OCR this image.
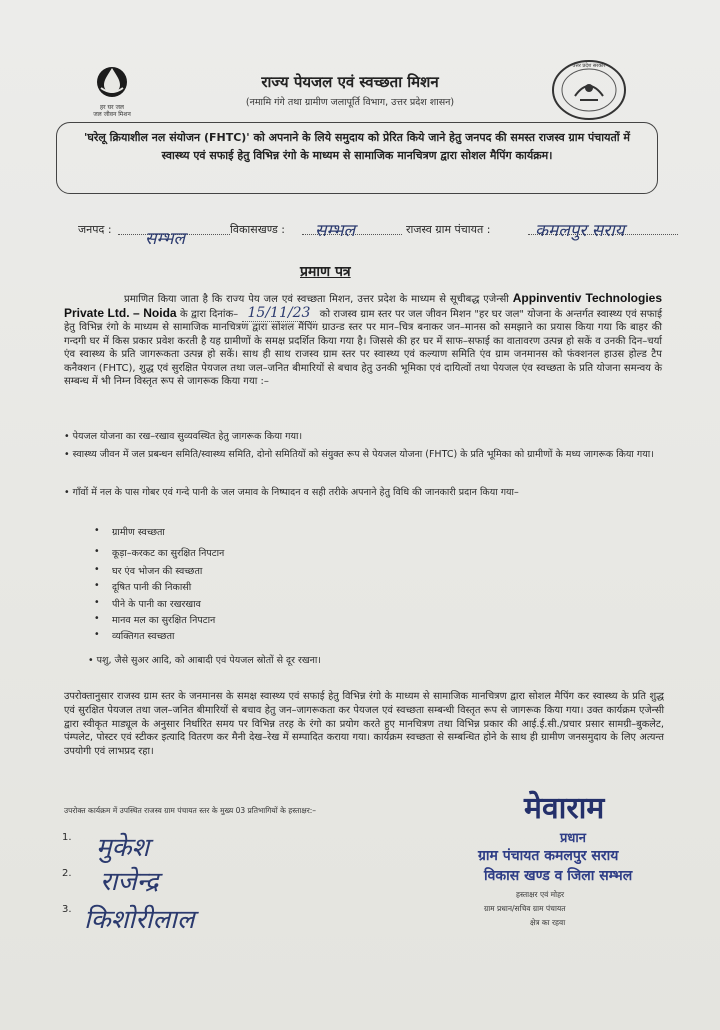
हर घर जल
जल जीवन मिशन
राज्य पेयजल एवं स्वच्छता मिशन
(नमामि गंगे तथा ग्रामीण जलापूर्ति विभाग, उत्तर प्रदेश शासन)
उत्तर प्रदेश सरकार
'घरेलू क्रियाशील नल संयोजन (FHTC)' को अपनाने के लिये समुदाय को प्रेरित किये जाने हेतु जनपद की समस्त राजस्व ग्राम पंचायतों में स्वास्थ्य एवं सफाई हेतु विभिन्न रंगो के माध्यम से सामाजिक मानचित्रण द्वारा सोशल मैपिंग कार्यक्रम।
जनपद : सम्भल	विकासखण्ड : सम्भल	राजस्व ग्राम पंचायत :	कमलपुर सराय
प्रमाण पत्र
प्रमाणित किया जाता है कि राज्य पेय जल एवं स्वच्छता मिशन, उत्तर प्रदेश के माध्यम से सूचीबद्ध एजेन्सी Appinventiv Technologies Private Ltd. – Noida के द्वारा दिनांक– 15/11/23 को राजस्व ग्राम स्तर पर जल जीवन मिशन "हर घर जल" योजना के अन्तर्गत स्वास्थ्य एवं सफाई हेतु विभिन्न रंगो के माध्यम से सामाजिक मानचित्रण द्वारा सोशल मैपिंग ग्राउन्ड स्तर पर मान–चित्र बनाकर जन–मानस को समझाने का प्रयास किया गया कि बाहर की गन्दगी घर में किस प्रकार प्रवेश करती है यह ग्रामीणों के समक्ष प्रदर्शित किया गया है। जिससे की हर घर में साफ–सफाई का वातावरण उत्पन्न हो सकें व उनकी दिन–चर्या एंव स्वास्थ्य के प्रति जागरूकता उत्पन्न हो सकें। साथ ही साथ राजस्व ग्राम स्तर पर स्वास्थ्य एवं कल्याण समिति एंव ग्राम जनमानस को फंक्शनल हाउस होल्ड टैप कनैक्शन (FHTC), शुद्ध एवं सुरक्षित पेयजल तथा जल–जनित बीमारियों से बचाव हेतु उनकी भूमिका एवं दायित्वों तथा पेयजल एंव स्वच्छता के प्रति योजना समन्वय के सम्बन्ध में भी निम्न विस्तृत रूप से जागरूक किया गया :–
• पेयजल योजना का रख–रखाव सुव्यवस्थित हेतु जागरूक किया गया।
• स्वास्थ्य जीवन में जल प्रबन्धन समिति/स्वास्थ्य समिति, दोनो समितियों को संयुक्त रूप से पेयजल योजना (FHTC) के प्रति भूमिका को ग्रामीणों के मध्य जागरूक किया गया।
• गाँवों में नल के पास गोबर एवं गन्दे पानी के जल जमाव के निष्पादन व सही तरीके अपनाने हेतु विधि की जानकारी प्रदान किया गया–
• ग्रामीण स्वच्छता
• कूड़ा–करकट का सुरक्षित निपटान
• घर एंव भोजन की स्वच्छता
• दूषित पानी की निकासी
• पीने के पानी का रखरखाव
• मानव मल का सुरक्षित निपटान
• व्यक्तिगत स्वच्छता
• पशु, जैसे सुअर आदि, को आबादी एवं पेयजल स्रोतों से दूर रखना।
उपरोक्तानुसार राजस्व ग्राम स्तर के जनमानस के समक्ष स्वास्थ्य एवं सफाई हेतु विभिन्न रंगो के माध्यम से सामाजिक मानचित्रण द्वारा सोशल मैपिंग कर स्वास्थ्य के प्रति शुद्ध एवं सुरक्षित पेयजल तथा जल–जनित बीमारियों से बचाव हेतु जन–जागरूकता कर पेयजल एवं स्वच्छता सम्बन्धी विस्तृत रूप से जागरूक किया गया। उक्त कार्यक्रम एजेन्सी द्वारा स्वीकृत माड्यूल के अनुसार निर्धारित समय पर विभिन्न तरह के रंगो का प्रयोग करते हुए मानचित्रण तथा विभिन्न प्रकार की आई.ई.सी./प्रचार प्रसार सामग्री–बुकलेट, पंम्पलेट, पोस्टर एवं स्टीकर इत्यादि वितरण कर मैनी देख–रेख में सम्पादित कराया गया। कार्यक्रम स्वच्छता से सम्बन्धित होने के साथ ही ग्रामीण जनसमुदाय के लिए अत्यन्त उपयोगी एवं लाभप्रद रहा।
उपरोक्त कार्यक्रम में उपस्थित राजस्व ग्राम पंचायत स्तर के मुख्य 03 प्रतिभागियों के हस्ताक्षर:–
1. मुकेश
2. राजेन्द्र
3. किशोरीलाल
मेवाराम
प्रधान
ग्राम पंचायत कमलपुर सराय
विकास खण्ड व जिला सम्भल
हस्ताक्षर एवं मोहर
ग्राम प्रधान/सचिव ग्राम पंचायत
क्षेत्र का रहवा
